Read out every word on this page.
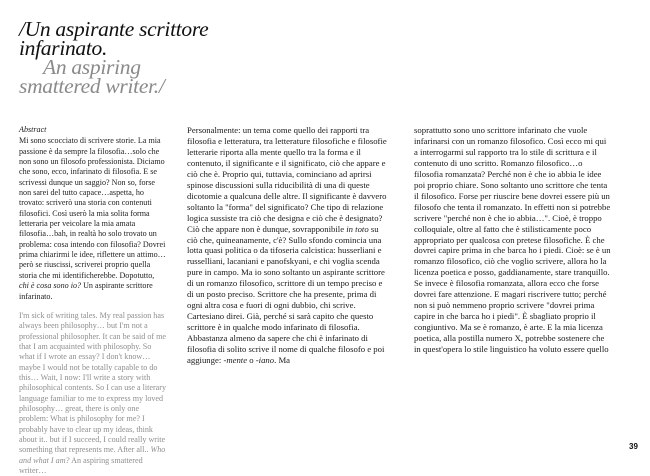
/Un aspirante scrittore
infarinato.
An aspiring
smattered writer./

Abstract

Mi sono scocciato di scrivere storie. La mia passione è da sempre la filosofia…solo che non sono un filosofo professionista. Diciamo che sono, ecco, infarinato di filosofia. E se scrivessi dunque un saggio? Non so, forse non sarei del tutto capace…aspetta, ho trovato: scriverò una storia con contenuti filosofici. Così userò la mia solita forma letteraria per veicolare la mia amata filosofia…bah, in realtà ho solo trovato un problema: cosa intendo con filosofia? Dovrei prima chiarirmi le idee, riflettere un attimo… però se riuscissi, scriverei proprio quella storia che mi identificherebbe. Dopotutto, chi è cosa sono io? Un aspirante scrittore infarinato.

I'm sick of writing tales. My real passion has always been philosophy… but I'm not a professional philosopher. It can be said of me that I am acquainted with philosophy. So what if I wrote an essay? I don't know… maybe I would not be totally capable to do this… Wait, I now: I'll write a story with philosophical contents. So I can use a literary language familiar to me to express my loved philosophy… great, there is only one problem: What is philosophy for me? I probably have to clear up my ideas, think about it.. but if I succeed, I could really write something that represents me. After all.. Who and what I am? An aspiring smattered writer…

Personalmente: un tema come quello dei rapporti tra filosofia e letteratura, tra letterature filosofiche e filosofie letterarie riporta alla mente quello tra la forma e il contenuto, il significante e il significato, ciò che appare e ciò che è. Proprio qui, tuttavia, cominciano ad aprirsi spinose discussioni sulla riducibilità di una di queste dicotomie a qualcuna delle altre. Il significante è davvero soltanto la "forma" del significato? Che tipo di relazione logica sussiste tra ciò che designa e ciò che è designato? Ciò che appare non è dunque, sovrapponibile in toto su ciò che, quineanamente, c'è? Sullo sfondo comincia una lotta quasi politica o da tifoseria calcistica: husserliani e russelliani, lacaniani e panofskyani, e chi voglia scenda pure in campo. Ma io sono soltanto un aspirante scrittore di un romanzo filosofico, scrittore di un tempo preciso e di un posto preciso. Scrittore che ha presente, prima di ogni altra cosa e fuori di ogni dubbio, chi scrive. Cartesiano direi. Già, perché si sarà capito che questo scrittore è in qualche modo infarinato di filosofia. Abbastanza almeno da sapere che chi è infarinato di filosofia di solito scrive il nome di qualche filosofo e poi aggiunge: -mente o -iano. Ma

soprattutto sono uno scrittore infarinato che vuole infarinarsi con un romanzo filosofico. Così ecco mi qui a interrogarmi sul rapporto tra lo stile di scrittura e il contenuto di uno scritto. Romanzo filosofico…o filosofia romanzata? Perché non è che io abbia le idee poi proprio chiare. Sono soltanto uno scrittore che tenta il filosofico. Forse per riuscire bene dovrei essere più un filosofo che tenta il romanzato. In effetti non si potrebbe scrivere "perché non è che io abbia…". Cioè, è troppo colloquiale, oltre al fatto che è stilisticamente poco appropriato per qualcosa con pretese filosofiche. È che dovrei capire prima in che barca ho i piedi. Cioè: se è un romanzo filosofico, ciò che voglio scrivere, allora ho la licenza poetica e posso, gaddianamente, stare tranquillo. Se invece è filosofia romanzata, allora ecco che forse dovrei fare attenzione. E magari riscrivere tutto; perché non si può nemmeno proprio scrivere "dovrei prima capire in che barca ho i piedi". È sbagliato proprio il congiuntivo. Ma se è romanzo, è arte. E la mia licenza poetica, alla postilla numero X, potrebbe sostenere che in quest'opera lo stile linguistico ha voluto essere quello

39
